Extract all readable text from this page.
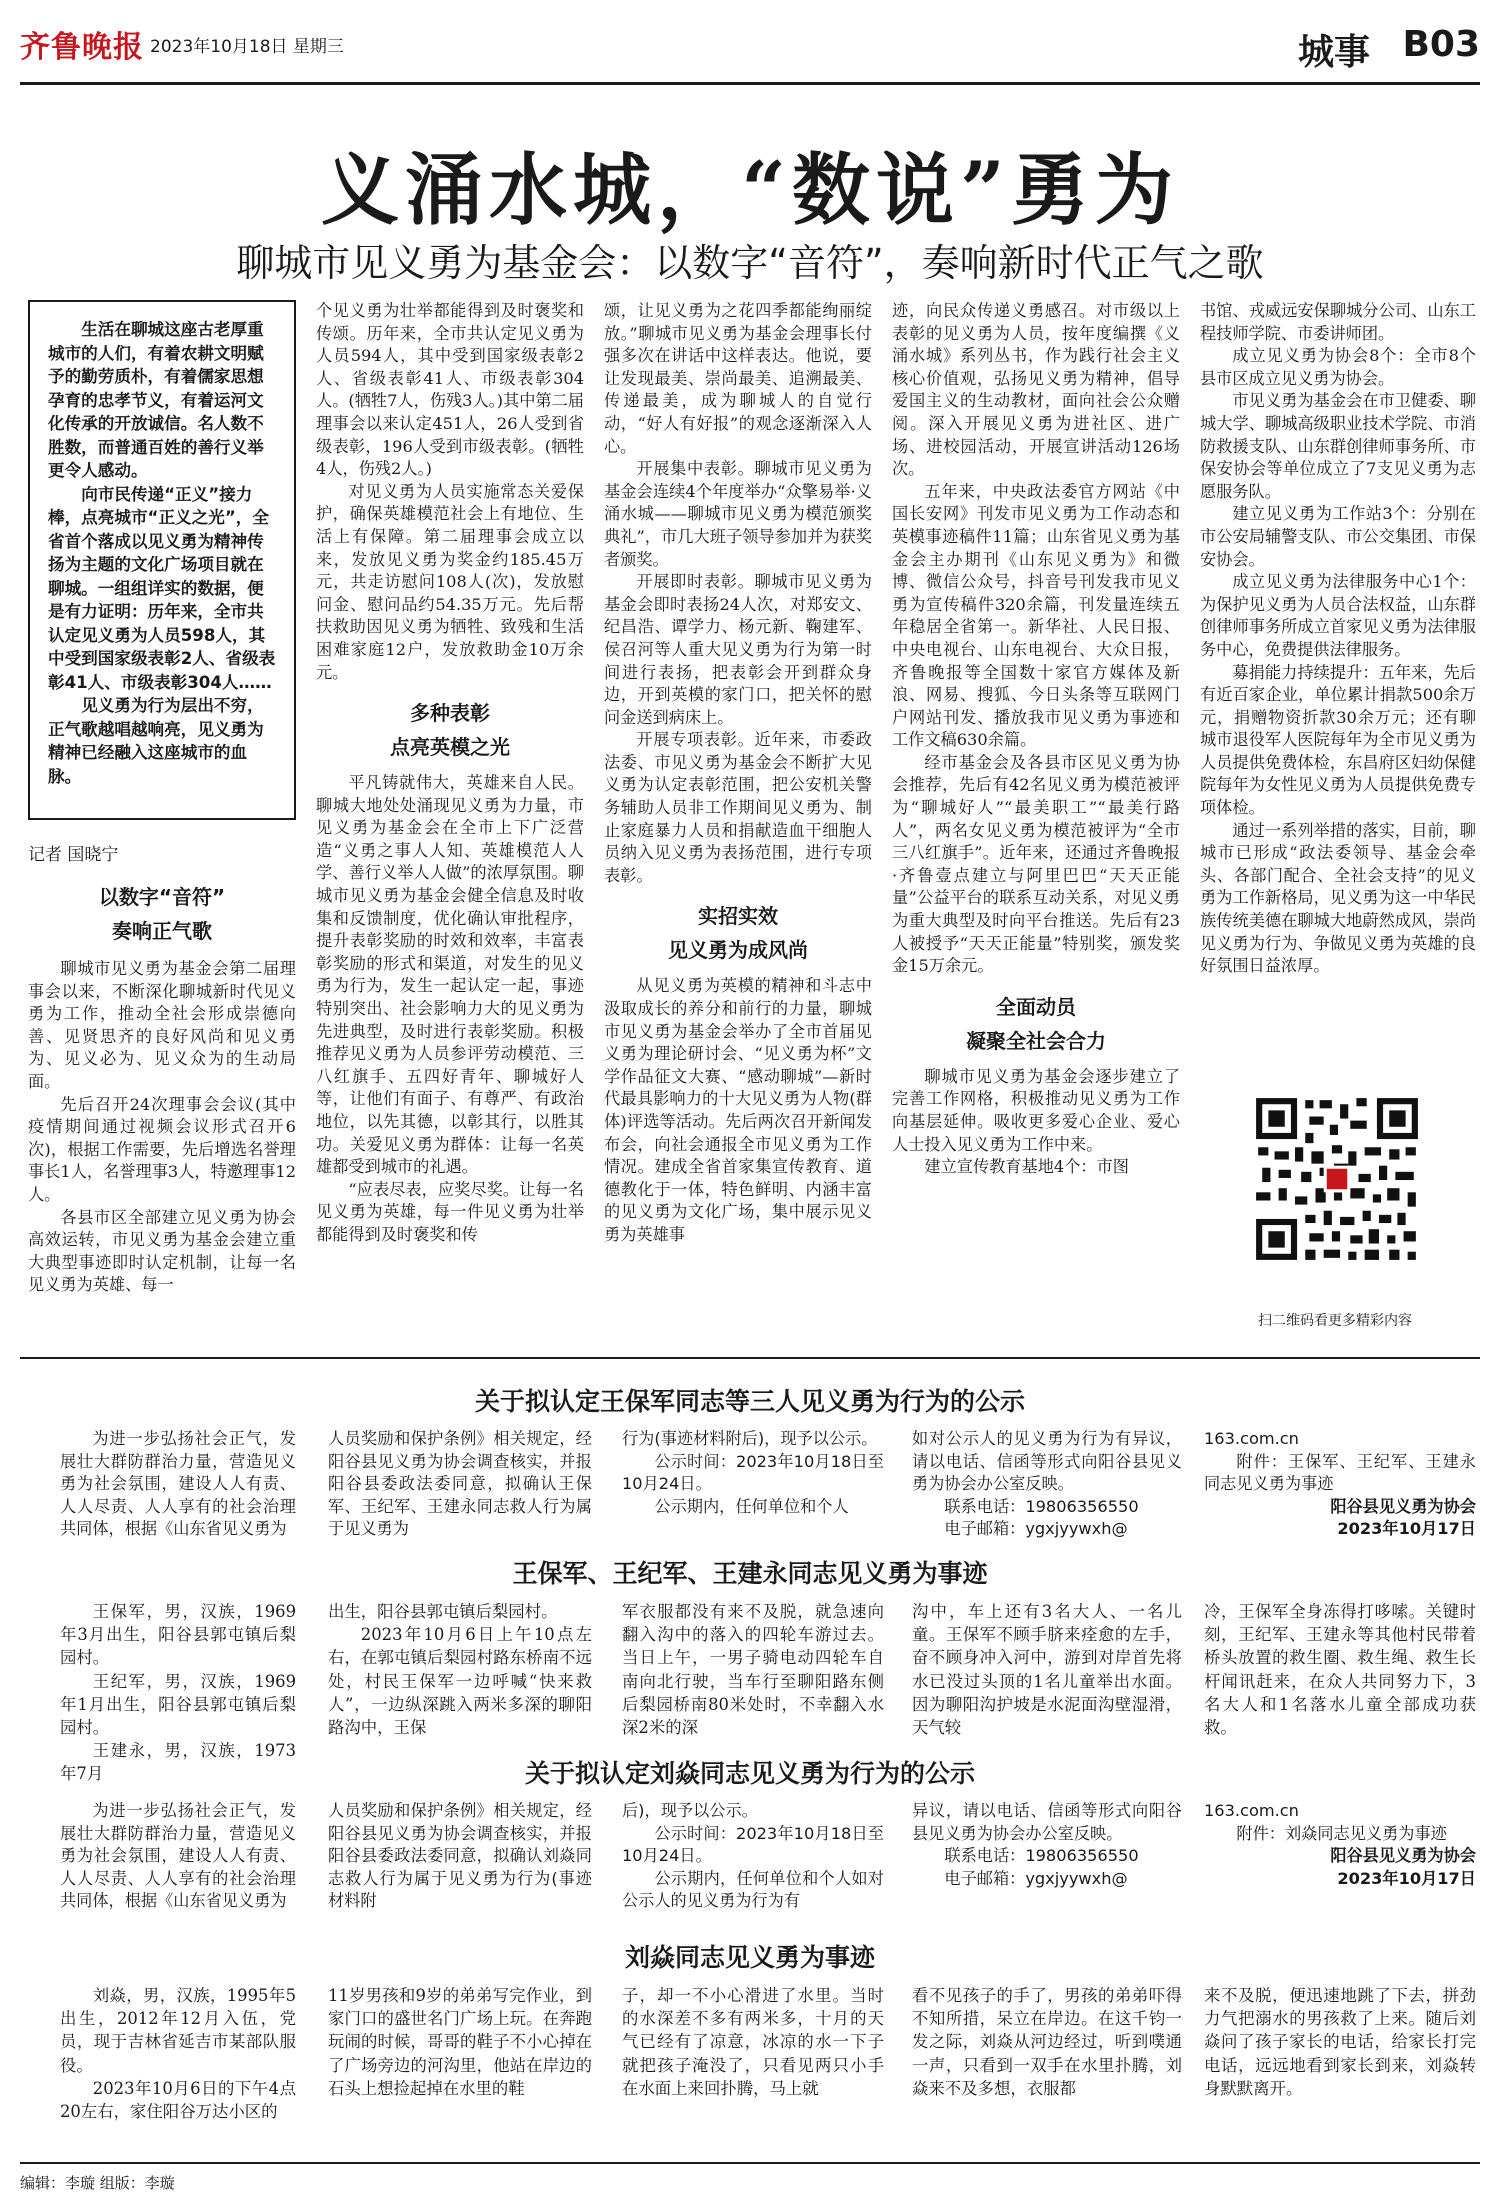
齐鲁晚报 2023年10月18日 星期三	城事 B03
义涌水城，“数说”勇为
聊城市见义勇为基金会：以数字“音符”，奏响新时代正气之歌

生活在聊城这座古老厚重城市的人们，有着农耕文明赋予的勤劳质朴，有着儒家思想孕育的忠孝节义，有着运河文化传承的开放诚信。名人数不胜数，而普通百姓的善行义举更令人感动。

向市民传递“正义”接力棒，点亮城市“正义之光”，全省首个落成以见义勇为精神传扬为主题的文化广场项目就在聊城。一组组详实的数据，便是有力证明：历年来，全市共认定见义勇为人员598人，其中受到国家级表彰2人、省级表彰41人、市级表彰304人……

见义勇为行为层出不穷，正气歌越唱越响亮，见义勇为精神已经融入这座城市的血脉。

记者 国晓宁
以数字“音符”
奏响正气歌

聊城市见义勇为基金会第二届理事会以来，不断深化聊城新时代见义勇为工作，推动全社会形成崇德向善、见贤思齐的良好风尚和见义勇为、见义必为、见义众为的生动局面。

先后召开24次理事会会议(其中疫情期间通过视频会议形式召开6次)，根据工作需要，先后增选名誉理事长1人，名誉理事3人，特邀理事12人。

各县市区全部建立见义勇为协会高效运转，市见义勇为基金会建立重大典型事迹即时认定机制，让每一名见义勇为英雄、每一

个见义勇为壮举都能得到及时褒奖和传颂。历年来，全市共认定见义勇为人员594人，其中受到国家级表彰2人、省级表彰41人、市级表彰304人。(牺牲7人，伤残3人。)其中第二届理事会以来认定451人，26人受到省级表彰，196人受到市级表彰。(牺牲4人，伤残2人。)

对见义勇为人员实施常态关爱保护，确保英雄模范社会上有地位、生活上有保障。第二届理事会成立以来，发放见义勇为奖金约185.45万元，共走访慰问108人(次)，发放慰问金、慰问品约54.35万元。先后帮扶救助因见义勇为牺牲、致残和生活困难家庭12户，发放救助金10万余元。

多种表彰
点亮英模之光

平凡铸就伟大，英雄来自人民。聊城大地处处涌现见义勇为力量，市见义勇为基金会在全市上下广泛营造“义勇之事人人知、英雄模范人人学、善行义举人人做”的浓厚氛围。聊城市见义勇为基金会健全信息及时收集和反馈制度，优化确认审批程序，提升表彰奖励的时效和效率，丰富表彰奖励的形式和渠道，对发生的见义勇为行为，发生一起认定一起，事迹特别突出、社会影响力大的见义勇为先进典型，及时进行表彰奖励。积极推荐见义勇为人员参评劳动模范、三八红旗手、五四好青年、聊城好人等，让他们有面子、有尊严、有政治地位，以先其德，以彰其行，以胜其功。关爱见义勇为群体：让每一名英雄都受到城市的礼遇。

“应表尽表，应奖尽奖。让每一名见义勇为英雄，每一件见义勇为壮举都能得到及时褒奖和传

颂，让见义勇为之花四季都能绚丽绽放。”聊城市见义勇为基金会理事长付强多次在讲话中这样表达。他说，要让发现最美、崇尚最美、追溯最美、传递最美，成为聊城人的自觉行动，“好人有好报”的观念逐渐深入人心。

开展集中表彰。聊城市见义勇为基金会连续4个年度举办“众擎易举·义涌水城——聊城市见义勇为模范颁奖典礼”，市几大班子领导参加并为获奖者颁奖。

开展即时表彰。聊城市见义勇为基金会即时表扬24人次，对郑安文、纪昌浩、谭学力、杨元新、鞠建军、侯召河等人重大见义勇为行为第一时间进行表扬，把表彰会开到群众身边，开到英模的家门口，把关怀的慰问金送到病床上。

开展专项表彰。近年来，市委政法委、市见义勇为基金会不断扩大见义勇为认定表彰范围，把公安机关警务辅助人员非工作期间见义勇为、制止家庭暴力人员和捐献造血干细胞人员纳入见义勇为表扬范围，进行专项表彰。

实招实效
见义勇为成风尚

从见义勇为英模的精神和斗志中汲取成长的养分和前行的力量，聊城市见义勇为基金会举办了全市首届见义勇为理论研讨会、“见义勇为杯”文学作品征文大赛、“感动聊城”—新时代最具影响力的十大见义勇为人物(群体)评选等活动。先后两次召开新闻发布会，向社会通报全市见义勇为工作情况。建成全省首家集宣传教育、道德教化于一体，特色鲜明、内涵丰富的见义勇为文化广场，集中展示见义勇为英雄事

迹，向民众传递义勇感召。对市级以上表彰的见义勇为人员，按年度编撰《义涌水城》系列丛书，作为践行社会主义核心价值观，弘扬见义勇为精神，倡导爱国主义的生动教材，面向社会公众赠阅。深入开展见义勇为进社区、进广场、进校园活动，开展宣讲活动126场次。

五年来，中央政法委官方网站《中国长安网》刊发市见义勇为工作动态和英模事迹稿件11篇；山东省见义勇为基金会主办期刊《山东见义勇为》和微博、微信公众号，抖音号刊发我市见义勇为宣传稿件320余篇，刊发量连续五年稳居全省第一。新华社、人民日报、中央电视台、山东电视台、大众日报，齐鲁晚报等全国数十家官方媒体及新浪、网易、搜狐、今日头条等互联网门户网站刊发、播放我市见义勇为事迹和工作文稿630余篇。

经市基金会及各县市区见义勇为协会推荐，先后有42名见义勇为模范被评为“聊城好人”“最美职工”“最美行路人”，两名女见义勇为模范被评为“全市三八红旗手”。近年来，还通过齐鲁晚报·齐鲁壹点建立与阿里巴巴“天天正能量”公益平台的联系互动关系，对见义勇为重大典型及时向平台推送。先后有23人被授予“天天正能量”特别奖，颁发奖金15万余元。

全面动员
凝聚全社会合力

聊城市见义勇为基金会逐步建立了完善工作网格，积极推动见义勇为工作向基层延伸。吸收更多爱心企业、爱心人士投入见义勇为工作中来。

建立宣传教育基地4个：市图

书馆、戎威远安保聊城分公司、山东工程技师学院、市委讲师团。

成立见义勇为协会8个：全市8个县市区成立见义勇为协会。

市见义勇为基金会在市卫健委、聊城大学、聊城高级职业技术学院、市消防救援支队、山东群创律师事务所、市保安协会等单位成立了7支见义勇为志愿服务队。

建立见义勇为工作站3个：分别在市公安局辅警支队、市公交集团、市保安协会。

成立见义勇为法律服务中心1个：为保护见义勇为人员合法权益，山东群创律师事务所成立首家见义勇为法律服务中心，免费提供法律服务。

募捐能力持续提升：五年来，先后有近百家企业，单位累计捐款500余万元，捐赠物资折款30余万元；还有聊城市退役军人医院每年为全市见义勇为人员提供免费体检，东昌府区妇幼保健院每年为女性见义勇为人员提供免费专项体检。

通过一系列举措的落实，目前，聊城市已形成“政法委领导、基金会牵头、各部门配合、全社会支持”的见义勇为工作新格局，见义勇为这一中华民族传统美德在聊城大地蔚然成风，崇尚见义勇为行为、争做见义勇为英雄的良好氛围日益浓厚。

扫二维码看更多精彩内容
关于拟认定王保军同志等三人见义勇为行为的公示

为进一步弘扬社会正气，发展壮大群防群治力量，营造见义勇为社会氛围，建设人人有责、人人尽责、人人享有的社会治理共同体，根据《山东省见义勇为

人员奖励和保护条例》相关规定，经阳谷县见义勇为协会调查核实，并报阳谷县委政法委同意，拟确认王保军、王纪军、王建永同志救人行为属于见义勇为

行为(事迹材料附后)，现予以公示。

公示时间：2023年10月18日至10月24日。

公示期内，任何单位和个人

如对公示人的见义勇为行为有异议，请以电话、信函等形式向阳谷县见义勇为协会办公室反映。

联系电话：19806356550

电子邮箱：ygxjyywxh@

163.com.cn

附件：王保军、王纪军、王建永同志见义勇为事迹

阳谷县见义勇为协会

2023年10月17日

王保军、王纪军、王建永同志见义勇为事迹

王保军，男，汉族，1969年3月出生，阳谷县郭屯镇后梨园村。

王纪军，男，汉族，1969年1月出生，阳谷县郭屯镇后梨园村。

王建永，男，汉族，1973年7月

出生，阳谷县郭屯镇后梨园村。

2023年10月6日上午10点左右，在郭屯镇后梨园村路东桥南不远处，村民王保军一边呼喊“快来救人”，一边纵深跳入两米多深的聊阳路沟中，王保

军衣服都没有来不及脱，就急速向翻入沟中的落入的四轮车游过去。当日上午，一男子骑电动四轮车自南向北行驶，当车行至聊阳路东侧后梨园桥南80米处时，不幸翻入水深2米的深

沟中，车上还有3名大人、一名儿童。王保军不顾手脐来痊愈的左手，奋不顾身冲入河中，游到对岸首先将水已没过头顶的1名儿童举出水面。因为聊阳沟护坡是水泥面沟壁湿滑，天气较

冷，王保军全身冻得打哆嗦。关键时刻，王纪军、王建永等其他村民带着桥头放置的救生圈、救生绳、救生长杆闻讯赶来，在众人共同努力下，3名大人和1名落水儿童全部成功获救。

关于拟认定刘焱同志见义勇为行为的公示

为进一步弘扬社会正气，发展壮大群防群治力量，营造见义勇为社会氛围，建设人人有责、人人尽责、人人享有的社会治理共同体，根据《山东省见义勇为

人员奖励和保护条例》相关规定，经阳谷县见义勇为协会调查核实，并报阳谷县委政法委同意，拟确认刘焱同志救人行为属于见义勇为行为(事迹材料附

后)，现予以公示。

公示时间：2023年10月18日至10月24日。

公示期内，任何单位和个人如对公示人的见义勇为行为有

异议，请以电话、信函等形式向阳谷县见义勇为协会办公室反映。

联系电话：19806356550

电子邮箱：ygxjyywxh@

163.com.cn

附件：刘焱同志见义勇为事迹

阳谷县见义勇为协会

2023年10月17日

刘焱同志见义勇为事迹

刘焱，男，汉族，1995年5出生，2012年12月入伍，党员，现于吉林省延吉市某部队服役。

2023年10月6日的下午4点20左右，家住阳谷万达小区的

11岁男孩和9岁的弟弟写完作业，到家门口的盛世名门广场上玩。在奔跑玩闹的时候，哥哥的鞋子不小心掉在了广场旁边的河沟里，他站在岸边的石头上想捡起掉在水里的鞋

子，却一不小心滑进了水里。当时的水深差不多有两米多，十月的天气已经有了凉意，冰凉的水一下子就把孩子淹没了，只看见两只小手在水面上来回扑腾，马上就

看不见孩子的手了，男孩的弟弟吓得不知所措，呆立在岸边。在这千钧一发之际，刘焱从河边经过，听到噗通一声，只看到一双手在水里扑腾，刘焱来不及多想，衣服都

来不及脱，便迅速地跳了下去，拼劲力气把溺水的男孩救了上来。随后刘焱问了孩子家长的电话，给家长打完电话，远远地看到家长到来，刘焱转身默默离开。

编辑：李璇 组版：李璇
